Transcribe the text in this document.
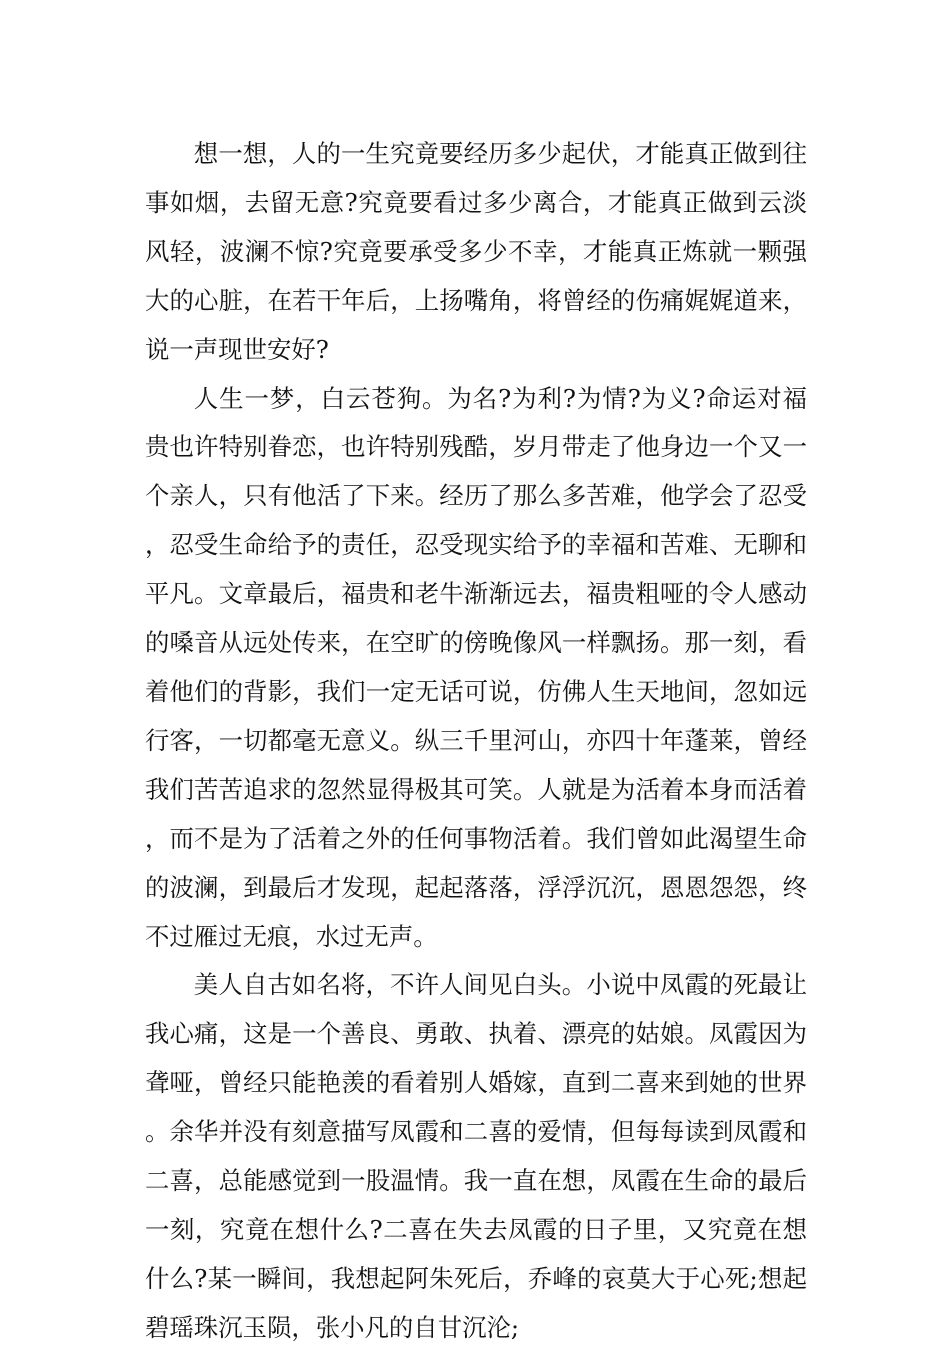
想一想，人的一生究竟要经历多少起伏，才能真正做到往事如烟，去留无意?究竟要看过多少离合，才能真正做到云淡风轻，波澜不惊?究竟要承受多少不幸，才能真正炼就一颗强大的心脏，在若干年后，上扬嘴角，将曾经的伤痛娓娓道来，说一声现世安好?

人生一梦，白云苍狗。为名?为利?为情?为义?命运对福贵也许特别眷恋，也许特别残酷，岁月带走了他身边一个又一个亲人，只有他活了下来。经历了那么多苦难，他学会了忍受，忍受生命给予的责任，忍受现实给予的幸福和苦难、无聊和平凡。文章最后，福贵和老牛渐渐远去，福贵粗哑的令人感动的嗓音从远处传来，在空旷的傍晚像风一样飘扬。那一刻，看着他们的背影，我们一定无话可说，仿佛人生天地间，忽如远行客，一切都毫无意义。纵三千里河山，亦四十年蓬莱，曾经我们苦苦追求的忽然显得极其可笑。人就是为活着本身而活着，而不是为了活着之外的任何事物活着。我们曾如此渴望生命的波澜，到最后才发现，起起落落，浮浮沉沉，恩恩怨怨，终不过雁过无痕，水过无声。

美人自古如名将，不许人间见白头。小说中凤霞的死最让我心痛，这是一个善良、勇敢、执着、漂亮的姑娘。凤霞因为聋哑，曾经只能艳羡的看着别人婚嫁，直到二喜来到她的世界。余华并没有刻意描写凤霞和二喜的爱情，但每每读到凤霞和二喜，总能感觉到一股温情。我一直在想，凤霞在生命的最后一刻，究竟在想什么?二喜在失去凤霞的日子里，又究竟在想什么?某一瞬间，我想起阿朱死后，乔峰的哀莫大于心死;想起碧瑶珠沉玉陨，张小凡的自甘沉沦;
